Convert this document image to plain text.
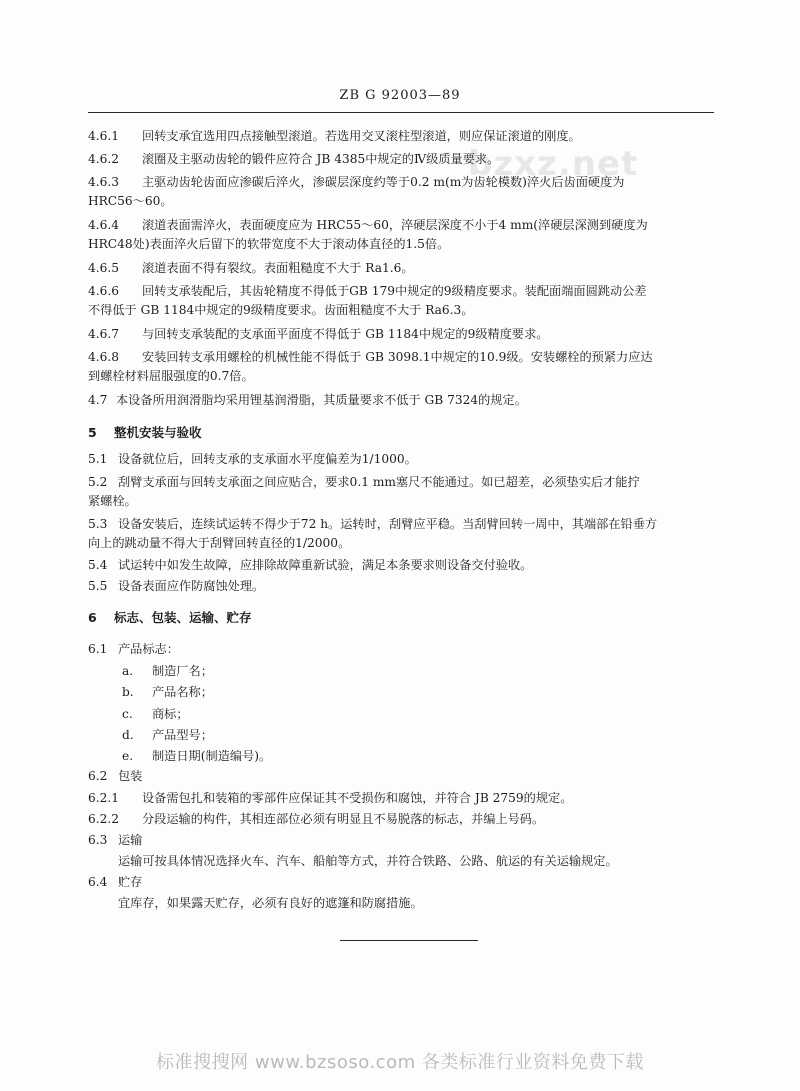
ZB G 92003—89
bzxz.net
4.6.1 回转支承宜选用四点接触型滚道。若选用交叉滚柱型滚道，则应保证滚道的刚度。
4.6.2 滚圈及主驱动齿轮的锻件应符合 JB 4385中规定的Ⅳ级质量要求。
4.6.3 主驱动齿轮齿面应渗碳后淬火，渗碳层深度约等于0.2 m(m为齿轮模数)淬火后齿面硬度为
HRC56～60。
4.6.4 滚道表面需淬火，表面硬度应为 HRC55～60，淬硬层深度不小于4 mm(淬硬层深测到硬度为
HRC48处)表面淬火后留下的软带宽度不大于滚动体直径的1.5倍。
4.6.5 滚道表面不得有裂纹。表面粗糙度不大于 Ra1.6。
4.6.6 回转支承装配后，其齿轮精度不得低于GB 179中规定的9级精度要求。装配面端面圆跳动公差
不得低于 GB 1184中规定的9级精度要求。齿面粗糙度不大于 Ra6.3。
4.6.7 与回转支承装配的支承面平面度不得低于 GB 1184中规定的9级精度要求。
4.6.8 安装回转支承用螺栓的机械性能不得低于 GB 3098.1中规定的10.9级。安装螺栓的预紧力应达
到螺栓材料屈服强度的0.7倍。
4.7 本设备所用润滑脂均采用锂基润滑脂，其质量要求不低于 GB 7324的规定。
5 整机安装与验收
5.1 设备就位后，回转支承的支承面水平度偏差为1/1000。
5.2 刮臂支承面与回转支承面之间应贴合，要求0.1 mm塞尺不能通过。如已超差，必须垫实后才能拧
紧螺栓。
5.3 设备安装后，连续试运转不得少于72 h。运转时，刮臂应平稳。当刮臂回转一周中，其端部在铅垂方
向上的跳动量不得大于刮臂回转直径的1/2000。
5.4 试运转中如发生故障，应排除故障重新试验，满足本条要求则设备交付验收。
5.5 设备表面应作防腐蚀处理。
6 标志、包装、运输、贮存
6.1 产品标志：
a. 制造厂名；
b. 产品名称；
c. 商标；
d. 产品型号；
e. 制造日期(制造编号)。
6.2 包装
6.2.1 设备需包扎和装箱的零部件应保证其不受损伤和腐蚀，并符合 JB 2759的规定。
6.2.2 分段运输的构件，其相连部位必须有明显且不易脱落的标志，并编上号码。
6.3 运输
运输可按具体情况选择火车、汽车、船舶等方式，并符合铁路、公路、航运的有关运输规定。
6.4 贮存
宜库存，如果露天贮存，必须有良好的遮篷和防腐措施。
标准搜搜网 www.bzsoso.com 各类标准行业资料免费下载
